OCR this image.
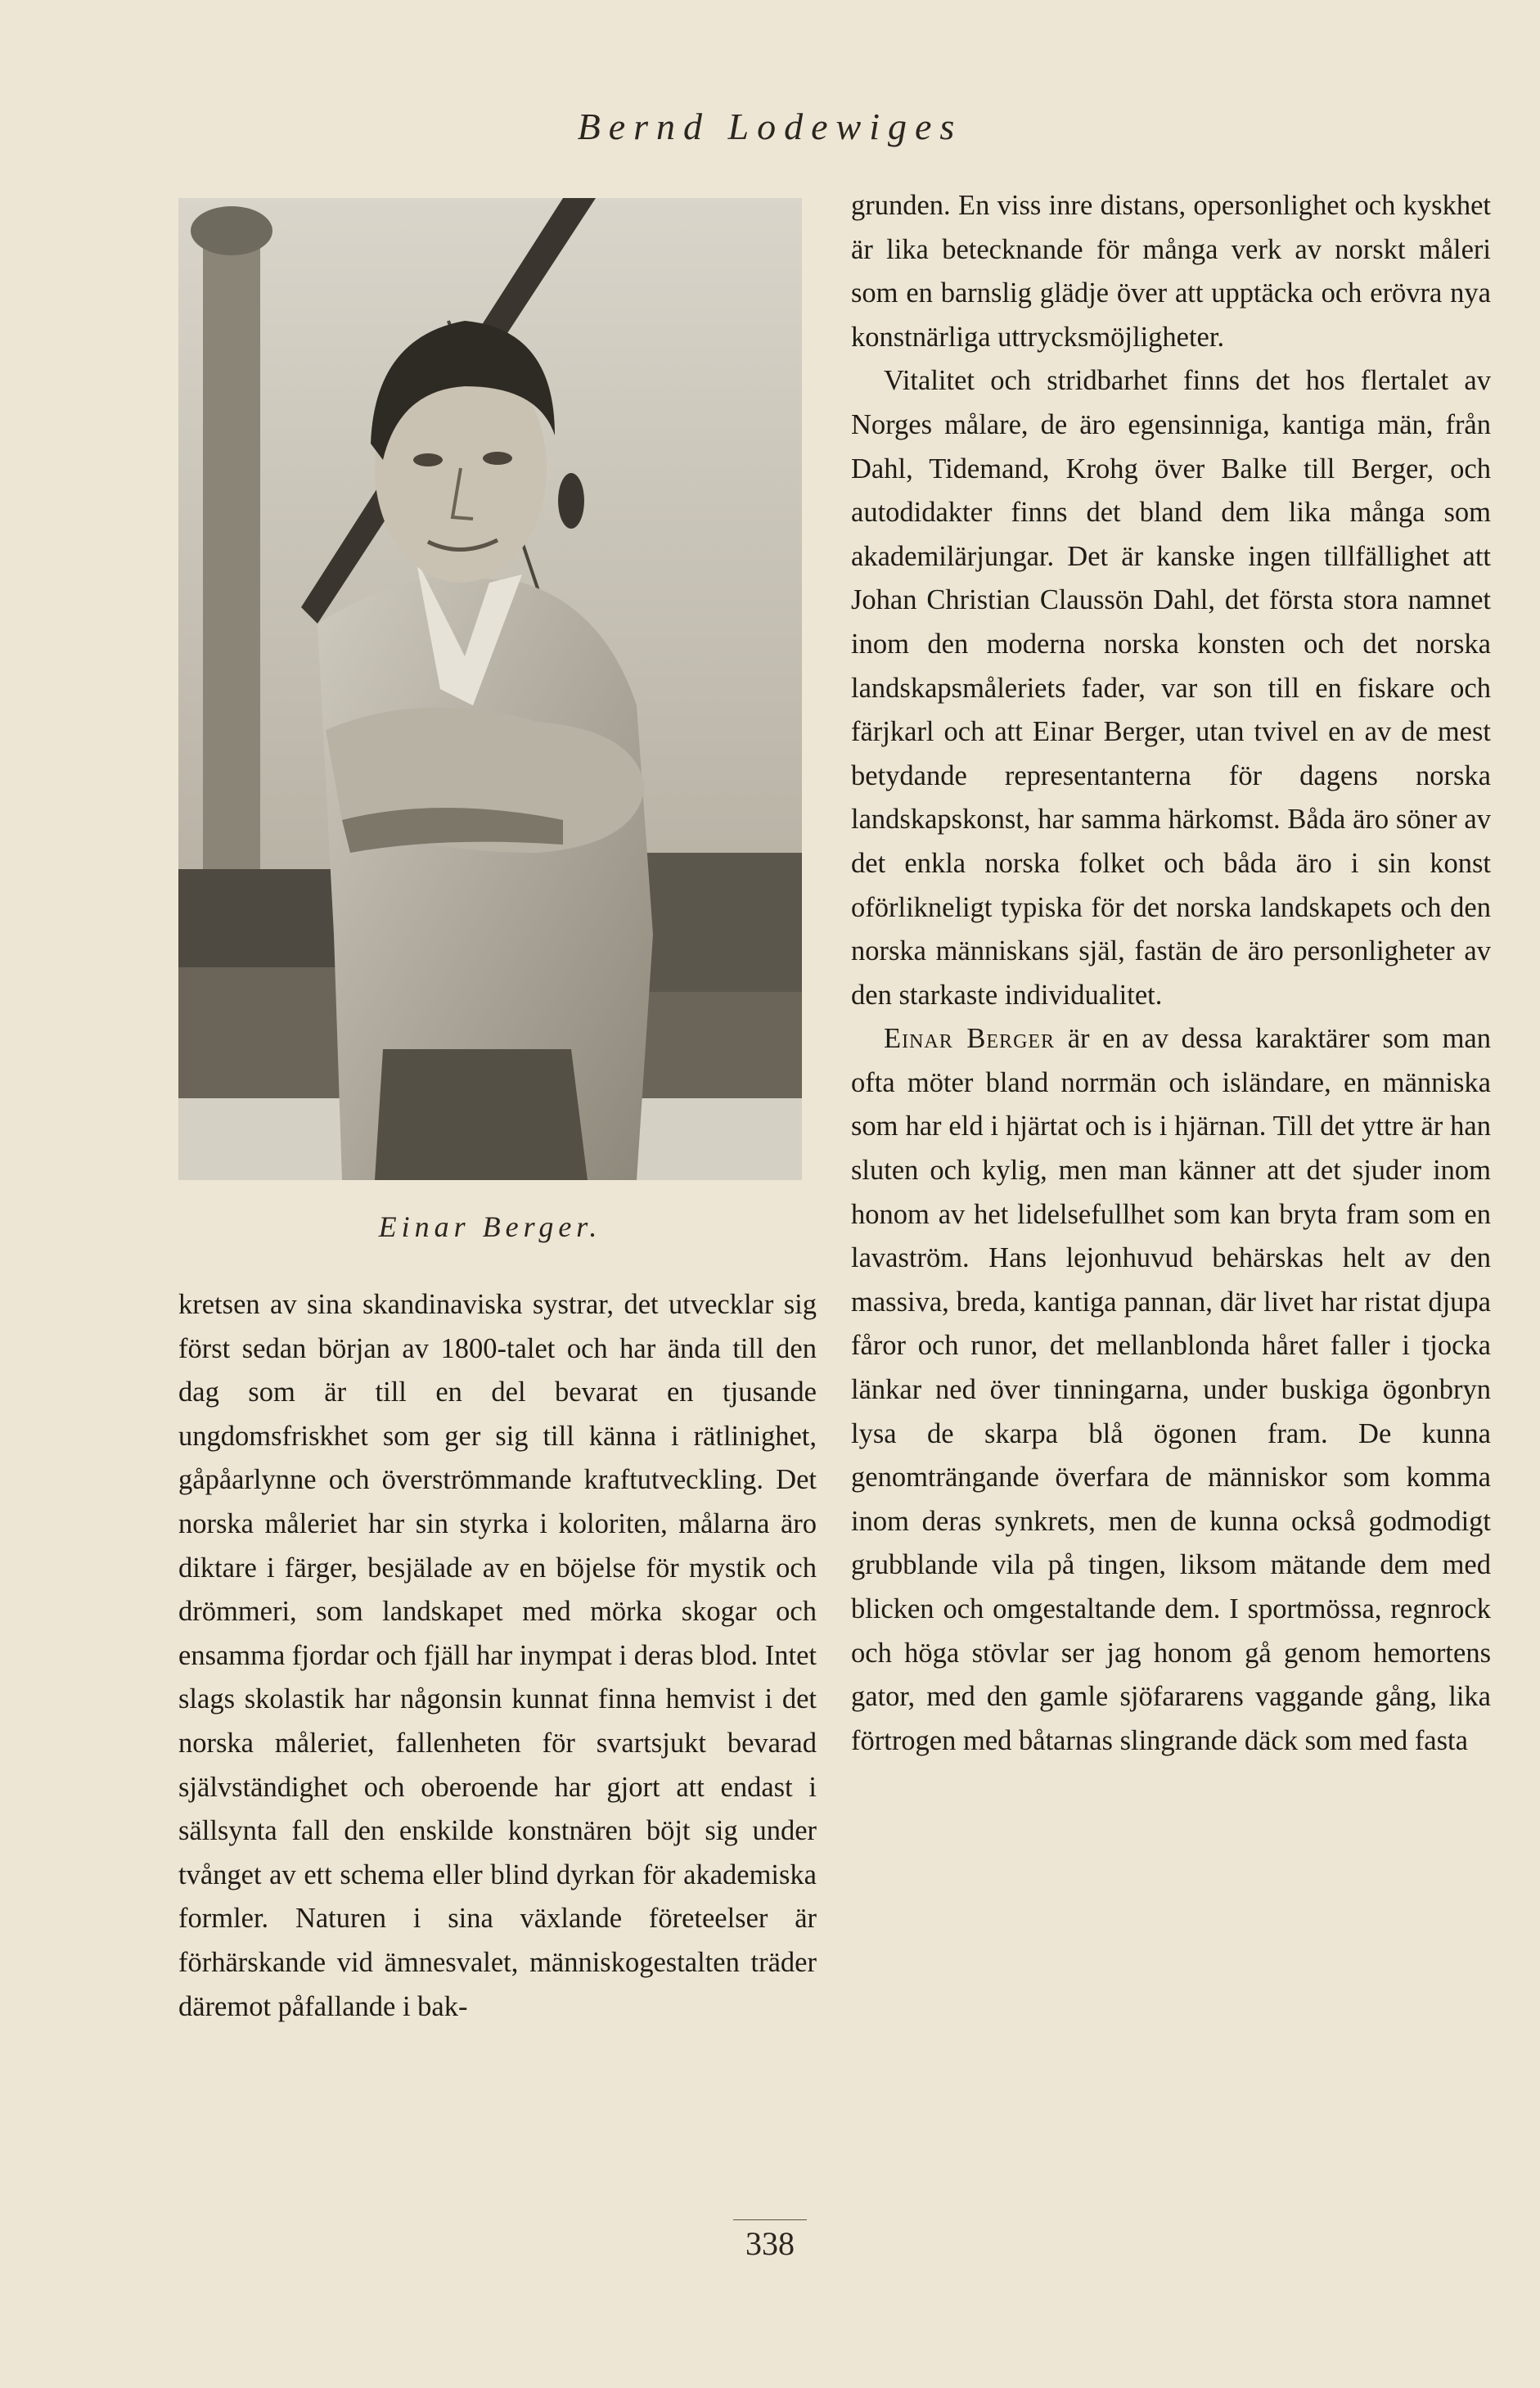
Bernd Lodewiges
Einar Berger.

kretsen av sina skandinaviska systrar, det utvecklar sig först sedan början av 1800-talet och har ända till den dag som är till en del bevarat en tjusande ungdomsfriskhet som ger sig till känna i rätlinighet, gåpåarlynne och överströmmande kraftutveckling. Det norska måleriet har sin styrka i koloriten, målarna äro diktare i färger, besjälade av en böjelse för mystik och drömmeri, som landskapet med mörka skogar och ensamma fjordar och fjäll har inympat i deras blod. Intet slags skolastik har någonsin kunnat finna hemvist i det norska måleriet, fallenheten för svartsjukt bevarad självständighet och oberoende har gjort att endast i sällsynta fall den enskilde konstnären böjt sig under tvånget av ett schema eller blind dyrkan för akademiska formler. Naturen i sina växlande företeelser är förhärskande vid ämnesvalet, människogestalten träder däremot påfallande i bak-

grunden. En viss inre distans, opersonlighet och kyskhet är lika betecknande för många verk av norskt måleri som en barnslig glädje över att upptäcka och erövra nya konstnärliga uttrycksmöjligheter.

Vitalitet och stridbarhet finns det hos flertalet av Norges målare, de äro egensinniga, kantiga män, från Dahl, Tidemand, Krohg över Balke till Berger, och autodidakter finns det bland dem lika många som akademilärjungar. Det är kanske ingen tillfällighet att Johan Christian Claussön Dahl, det första stora namnet inom den moderna norska konsten och det norska landskapsmåleriets fader, var son till en fiskare och färjkarl och att Einar Berger, utan tvivel en av de mest betydande representanterna för dagens norska landskapskonst, har samma härkomst. Båda äro söner av det enkla norska folket och båda äro i sin konst oförlikneligt typiska för det norska landskapets och den norska människans själ, fastän de äro personligheter av den starkaste individualitet.

Einar Berger är en av dessa karaktärer som man ofta möter bland norrmän och isländare, en människa som har eld i hjärtat och is i hjärnan. Till det yttre är han sluten och kylig, men man känner att det sjuder inom honom av het lidelsefullhet som kan bryta fram som en lavaström. Hans lejonhuvud behärskas helt av den massiva, breda, kantiga pannan, där livet har ristat djupa fåror och runor, det mellanblonda håret faller i tjocka länkar ned över tinningarna, under buskiga ögonbryn lysa de skarpa blå ögonen fram. De kunna genomträngande överfara de människor som komma inom deras synkrets, men de kunna också godmodigt grubblande vila på tingen, liksom mätande dem med blicken och omgestaltande dem. I sportmössa, regnrock och höga stövlar ser jag honom gå genom hemortens gator, med den gamle sjöfararens vaggande gång, lika förtrogen med båtarnas slingrande däck som med fasta

338
